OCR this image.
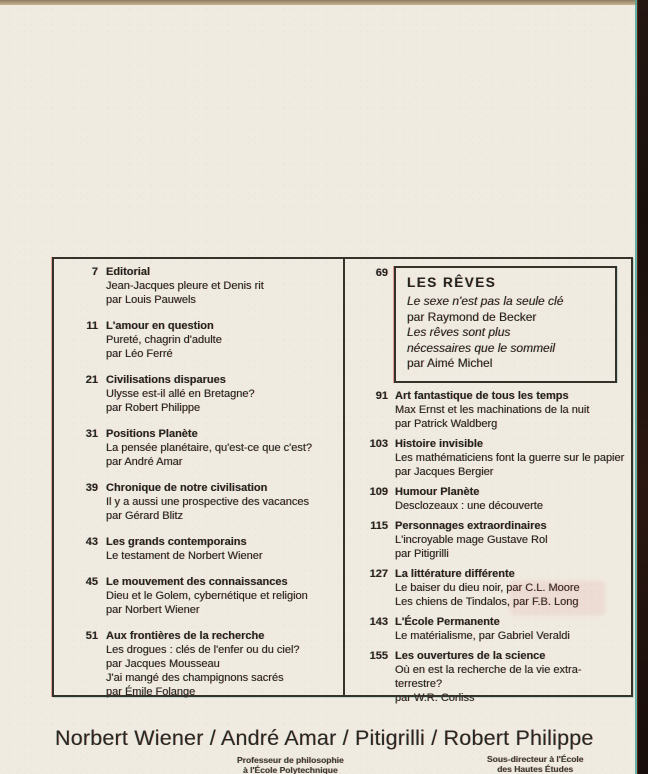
7 Editorial
Jean-Jacques pleure et Denis rit
par Louis Pauwels
11 L'amour en question
Pureté, chagrin d'adulte
par Léo Ferré
21 Civilisations disparues
Ulysse est-il allé en Bretagne?
par Robert Philippe
31 Positions Planète
La pensée planétaire, qu'est-ce que c'est?
par André Amar
39 Chronique de notre civilisation
Il y a aussi une prospective des vacances
par Gérard Blitz
43 Les grands contemporains
Le testament de Norbert Wiener
45 Le mouvement des connaissances
Dieu et le Golem, cybernétique et religion
par Norbert Wiener
51 Aux frontières de la recherche
Les drogues : clés de l'enfer ou du ciel?
par Jacques Mousseau
J'ai mangé des champignons sacrés
par Émile Folange
69
LES RÊVES
Le sexe n'est pas la seule clé
par Raymond de Becker
Les rêves sont plus
nécessaires que le sommeil
par Aimé Michel
91 Art fantastique de tous les temps
Max Ernst et les machinations de la nuit
par Patrick Waldberg
103 Histoire invisible
Les mathématiciens font la guerre sur le papier
par Jacques Bergier
109 Humour Planète
Desclozeaux : une découverte
115 Personnages extraordinaires
L'incroyable mage Gustave Rol
par Pitigrilli
127 La littérature différente
Le baiser du dieu noir, par C.L. Moore
Les chiens de Tindalos, par F.B. Long
143 L'École Permanente
Le matérialisme, par Gabriel Veraldi
155 Les ouvertures de la science
Où en est la recherche de la vie extra-terrestre?
par W.R. Corliss
Norbert Wiener / André Amar / Pitigrilli / Robert Philippe
Professeur de philosophie
à l'École Polytechnique
Sous-directeur à l'École
des Hautes Études
